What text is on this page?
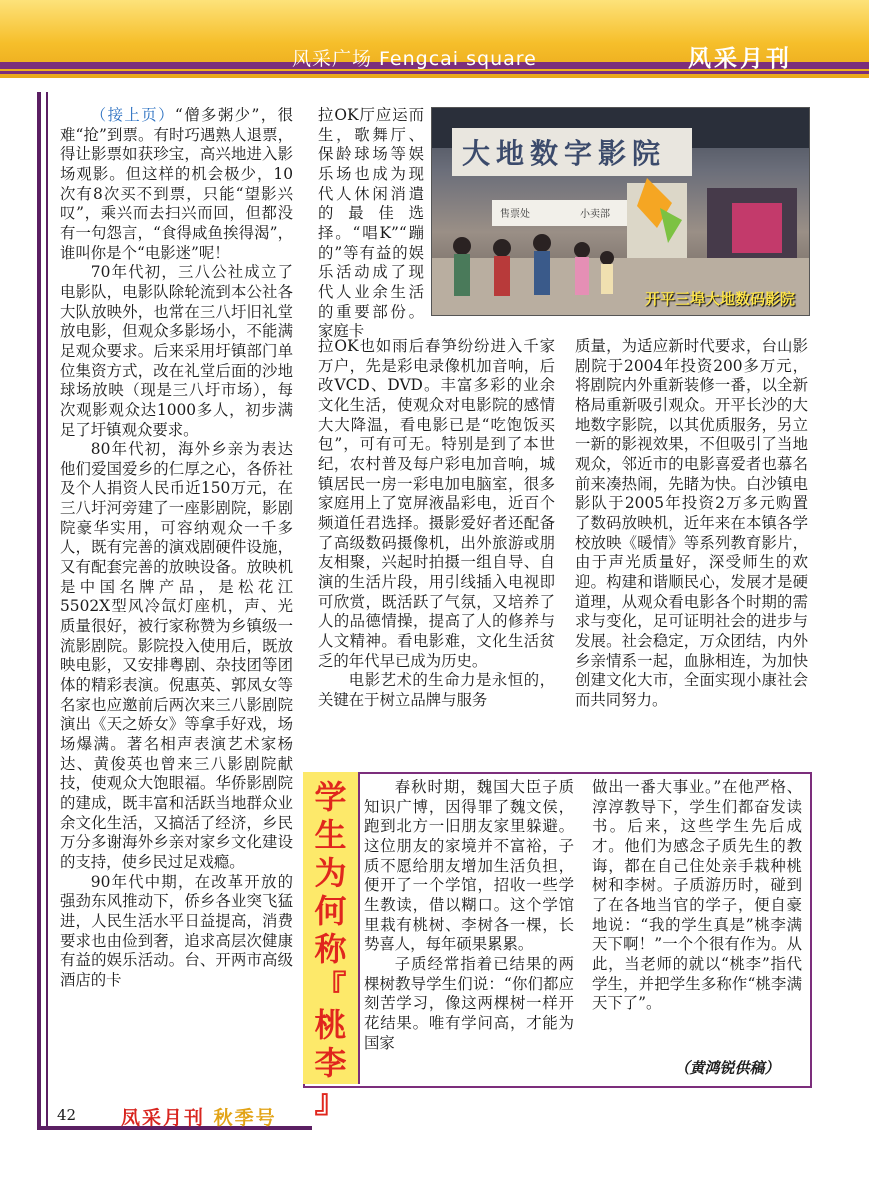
风采广场 Fengcai square	风采月刊

（接上页）“僧多粥少”，很难“抢”到票。有时巧遇熟人退票，得让影票如获珍宝，高兴地进入影场观影。但这样的机会极少，10次有8次买不到票，只能“望影兴叹”，乘兴而去扫兴而回，但都没有一句怨言，“食得咸鱼挨得渴”，谁叫你是个“电影迷”呢！

70年代初，三八公社成立了电影队，电影队除轮流到本公社各大队放映外，也常在三八圩旧礼堂放电影，但观众多影场小，不能满足观众要求。后来采用圩镇部门单位集资方式，改在礼堂后面的沙地球场放映（现是三八圩市场），每次观影观众达1000多人，初步满足了圩镇观众要求。

80年代初，海外乡亲为表达他们爱国爱乡的仁厚之心，各侨社及个人捐资人民币近150万元，在三八圩河旁建了一座影剧院，影剧院豪华实用，可容纳观众一千多人，既有完善的演戏剧硬件设施，又有配套完善的放映设备。放映机是中国名牌产品，是松花江5502X型风冷氙灯座机，声、光质量很好，被行家称赞为乡镇级一流影剧院。影院投入使用后，既放映电影，又安排粤剧、杂技团等团体的精彩表演。倪惠英、郭凤女等名家也应邀前后两次来三八影剧院演出《天之娇女》等拿手好戏，场场爆满。著名相声表演艺术家杨达、黄俊英也曾来三八影剧院献技，使观众大饱眼福。华侨影剧院的建成，既丰富和活跃当地群众业余文化生活，又搞活了经济，乡民万分多谢海外乡亲对家乡文化建设的支持，使乡民过足戏瘾。

90年代中期，在改革开放的强劲东风推动下，侨乡各业突飞猛进，人民生活水平日益提高，消费要求也由俭到奢，追求高层次健康有益的娱乐活动。台、开两市高级酒店的卡

拉OK厅应运而生，歌舞厅、保龄球场等娱乐场也成为现代人休闲消遣的最佳选择。“唱K”“蹦的”等有益的娱乐活动成了现代人业余生活的重要部份。家庭卡

大地数字影院
售票处	小卖部
开平三埠大地数码影院

拉OK也如雨后春笋纷纷进入千家万户，先是彩电录像机加音响，后改VCD、DVD。丰富多彩的业余文化生活，使观众对电影院的感情大大降温，看电影已是“吃饱饭买包”，可有可无。特别是到了本世纪，农村普及每户彩电加音响，城镇居民一房一彩电加电脑室，很多家庭用上了宽屏液晶彩电，近百个频道任君选择。摄影爱好者还配备了高级数码摄像机，出外旅游或朋友相聚，兴起时拍摄一组自导、自演的生活片段，用引线插入电视即可欣赏，既活跃了气氛，又培养了人的品德情操，提高了人的修养与人文精神。看电影难，文化生活贫乏的年代早已成为历史。

电影艺术的生命力是永恒的，关键在于树立品牌与服务

质量，为适应新时代要求，台山影剧院于2004年投资200多万元，将剧院内外重新装修一番，以全新格局重新吸引观众。开平长沙的大地数字影院，以其优质服务，另立一新的影视效果，不但吸引了当地观众，邻近市的电影喜爱者也慕名前来凑热闹，先睹为快。白沙镇电影队于2005年投资2万多元购置了数码放映机，近年来在本镇各学校放映《暖情》等系列教育影片，由于声光质量好，深受师生的欢迎。构建和谐顺民心，发展才是硬道理，从观众看电影各个时期的需求与变化，足可证明社会的进步与发展。社会稳定，万众团结，内外乡亲情系一起，血脉相连，为加快创建文化大市，全面实现小康社会而共同努力。

学
生
为
何
称
『
桃
李
』

春秋时期，魏国大臣子质知识广博，因得罪了魏文侯，跑到北方一旧朋友家里躲避。这位朋友的家境并不富裕，子质不愿给朋友增加生活负担，便开了一个学馆，招收一些学生教读，借以糊口。这个学馆里栽有桃树、李树各一棵，长势喜人，每年硕果累累。

子质经常指着已结果的两棵树教导学生们说：“你们都应刻苦学习，像这两棵树一样开花结果。唯有学问高，才能为国家

做出一番大事业。”在他严格、淳淳教导下，学生们都奋发读书。后来，这些学生先后成才。他们为感念子质先生的教诲，都在自己住处亲手栽种桃树和李树。子质游历时，碰到了在各地当官的学子，便自豪地说：“我的学生真是”桃李满天下啊！”一个个很有作为。从此，当老师的就以“桃李”指代学生，并把学生多称作“桃李满天下了”。

（黄鸿锐供稿）
42 凤采月刊 秋季号
